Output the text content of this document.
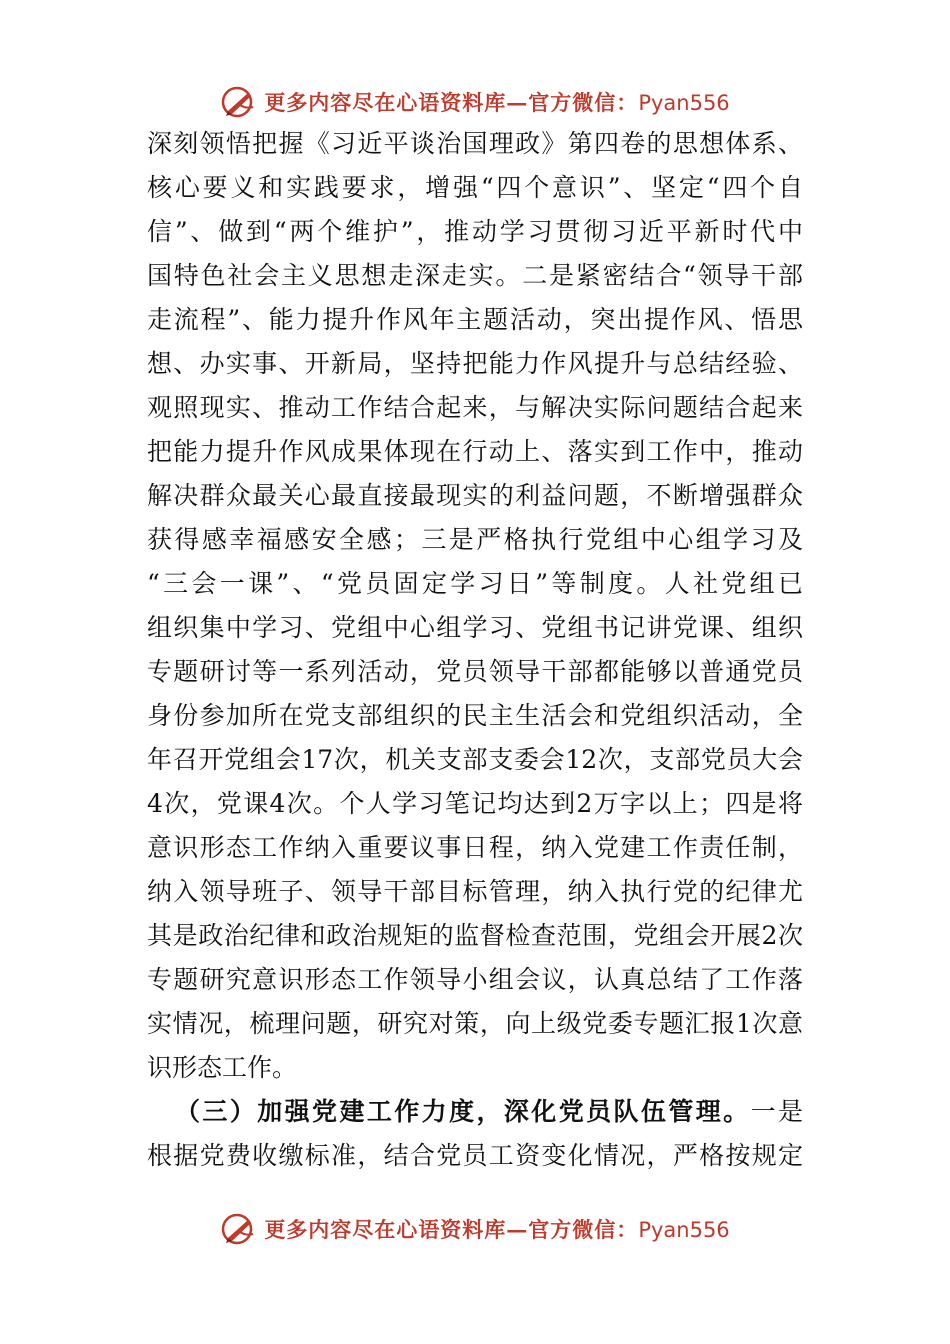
更多内容尽在心语资料库—官方微信：Pyan556
深刻领悟把握《习近平谈治国理政》第四卷的思想体系、
核心要义和实践要求，增强“四个意识”、坚定“四个自
信”、做到“两个维护”，推动学习贯彻习近平新时代中
国特色社会主义思想走深走实。二是紧密结合“领导干部
走流程”、能力提升作风年主题活动，突出提作风、悟思
想、办实事、开新局，坚持把能力作风提升与总结经验、
观照现实、推动工作结合起来，与解决实际问题结合起来
把能力提升作风成果体现在行动上、落实到工作中，推动
解决群众最关心最直接最现实的利益问题，不断增强群众
获得感幸福感安全感；三是严格执行党组中心组学习及
“三会一课”、“党员固定学习日”等制度。人社党组已
组织集中学习、党组中心组学习、党组书记讲党课、组织
专题研讨等一系列活动，党员领导干部都能够以普通党员
身份参加所在党支部组织的民主生活会和党组织活动，全
年召开党组会17次，机关支部支委会12次，支部党员大会
4次，党课4次。个人学习笔记均达到2万字以上；四是将
意识形态工作纳入重要议事日程，纳入党建工作责任制，
纳入领导班子、领导干部目标管理，纳入执行党的纪律尤
其是政治纪律和政治规矩的监督检查范围，党组会开展2次
专题研究意识形态工作领导小组会议，认真总结了工作落
实情况，梳理问题，研究对策，向上级党委专题汇报1次意
识形态工作。
（三）加强党建工作力度，深化党员队伍管理。一是
根据党费收缴标准，结合党员工资变化情况，严格按规定
更多内容尽在心语资料库—官方微信：Pyan556
